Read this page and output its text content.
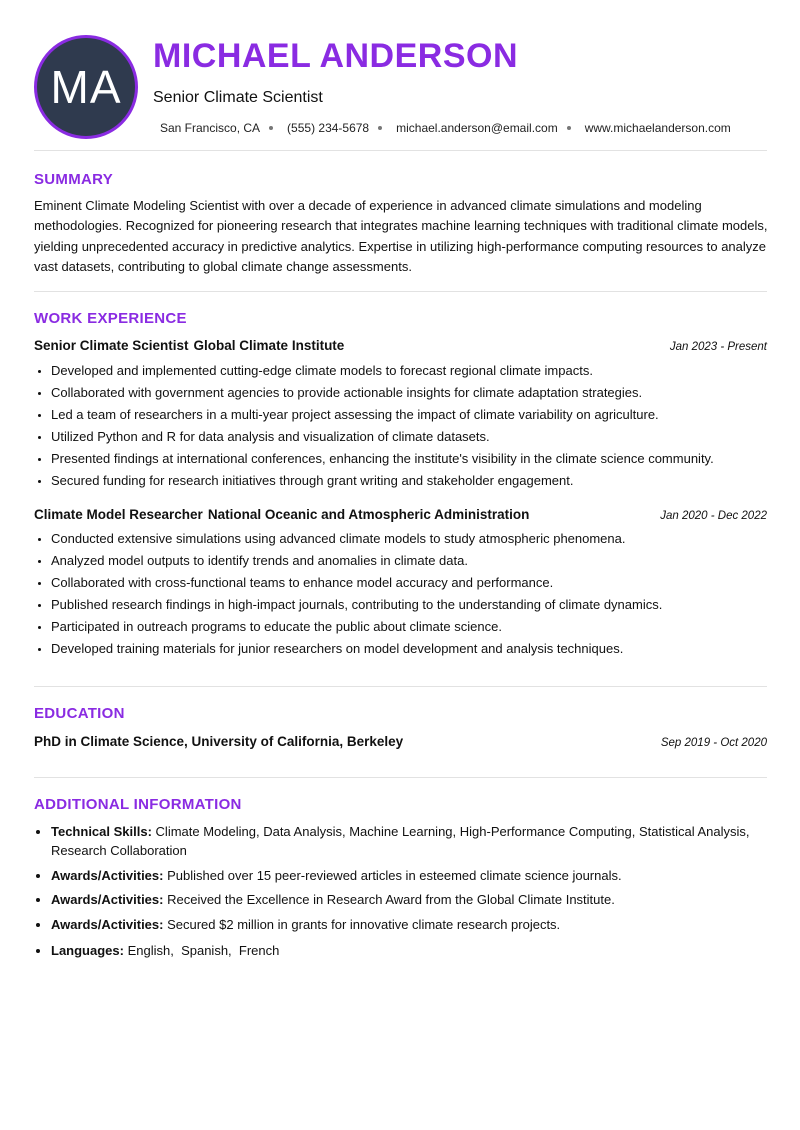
MA
MICHAEL ANDERSON
Senior Climate Scientist
San Francisco, CA (555) 234-5678 michael.anderson@email.com www.michaelanderson.com
SUMMARY

Eminent Climate Modeling Scientist with over a decade of experience in advanced climate simulations and modeling methodologies. Recognized for pioneering research that integrates machine learning techniques with traditional climate models, yielding unprecedented accuracy in predictive analytics. Expertise in utilizing high-performance computing resources to analyze vast datasets, contributing to global climate change assessments.

WORK EXPERIENCE
Senior Climate Scientist Global Climate Institute	Jan 2023 - Present
• Developed and implemented cutting-edge climate models to forecast regional climate impacts.
• Collaborated with government agencies to provide actionable insights for climate adaptation strategies.
• Led a team of researchers in a multi-year project assessing the impact of climate variability on agriculture.
• Utilized Python and R for data analysis and visualization of climate datasets.
• Presented findings at international conferences, enhancing the institute's visibility in the climate science community.
• Secured funding for research initiatives through grant writing and stakeholder engagement.
Climate Model Researcher National Oceanic and Atmospheric Administration	Jan 2020 - Dec 2022
• Conducted extensive simulations using advanced climate models to study atmospheric phenomena.
• Analyzed model outputs to identify trends and anomalies in climate data.
• Collaborated with cross-functional teams to enhance model accuracy and performance.
• Published research findings in high-impact journals, contributing to the understanding of climate dynamics.
• Participated in outreach programs to educate the public about climate science.
• Developed training materials for junior researchers on model development and analysis techniques.
EDUCATION
PhD in Climate Science, University of California, Berkeley	Sep 2019 - Oct 2020
ADDITIONAL INFORMATION
• Technical Skills: Climate Modeling, Data Analysis, Machine Learning, High-Performance Computing, Statistical Analysis, Research Collaboration
• Awards/Activities: Published over 15 peer-reviewed articles in esteemed climate science journals.
• Awards/Activities: Received the Excellence in Research Award from the Global Climate Institute.
• Awards/Activities: Secured $2 million in grants for innovative climate research projects.
• Languages: English,  Spanish,  French
